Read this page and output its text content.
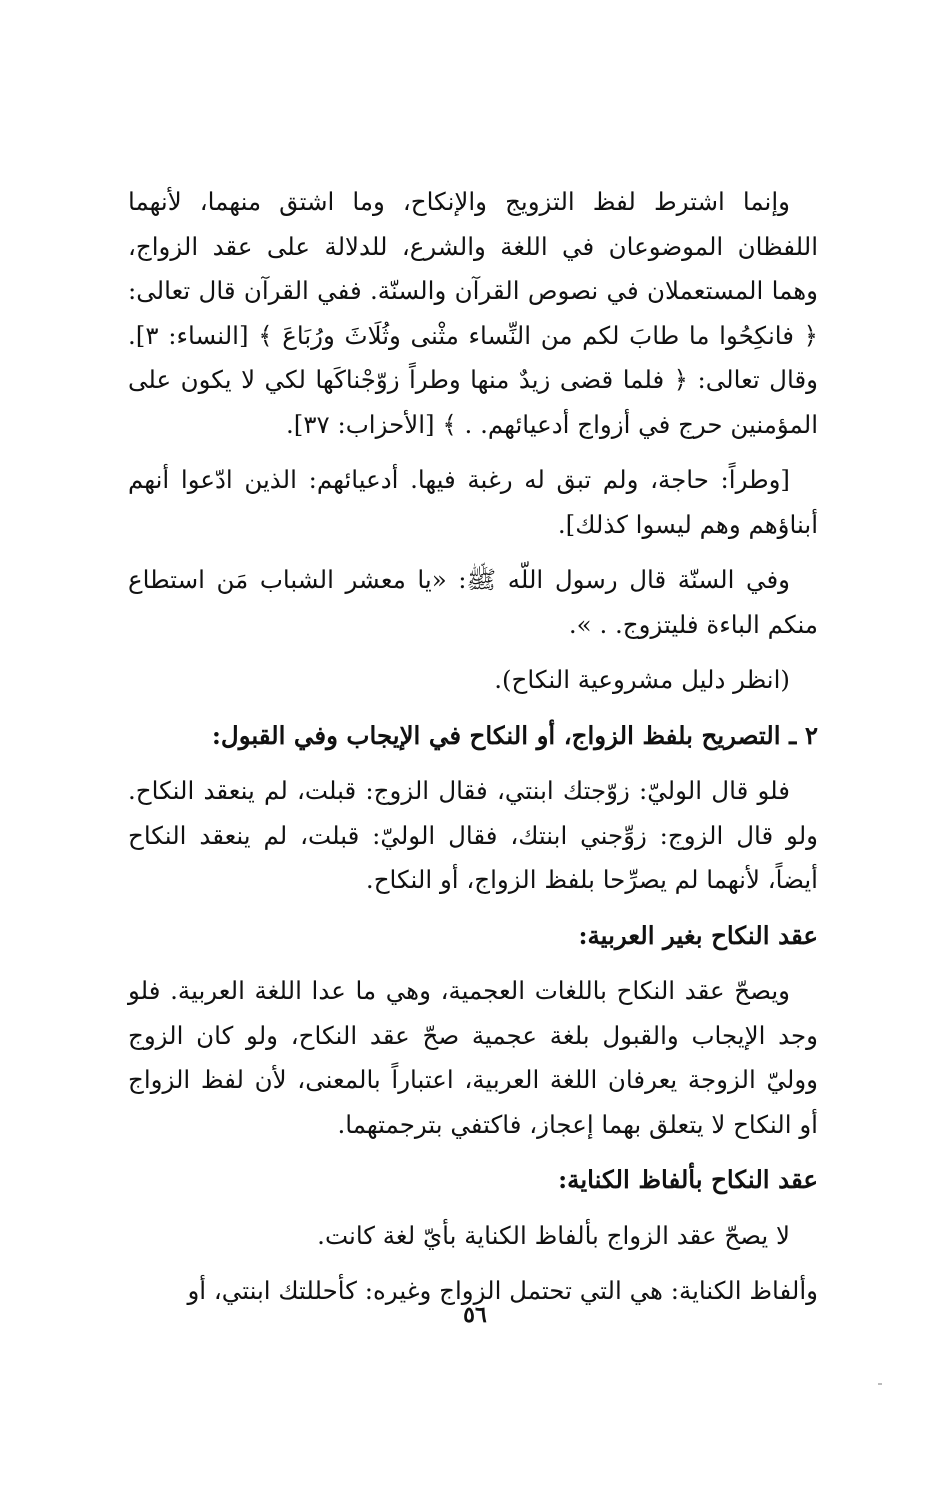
وإنما اشترط لفظ التزويج والإنكاح، وما اشتق منهما، لأنهما اللفظان الموضوعان في اللغة والشرع، للدلالة على عقد الزواج، وهما المستعملان في نصوص القرآن والسنّة. ففي القرآن قال تعالى: ﴿ فانكِحُوا ما طابَ لكم من النِّساء مثْنى وثُلَاثَ ورُبَاعَ ﴾ [النساء: ٣]. وقال تعالى: ﴿ فلما قضى زيدٌ منها وطراً زوّجْناكَها لكي لا يكون على المؤمنين حرج في أزواج أدعيائهم. . ﴾ [الأحزاب: ٣٧].

[وطراً: حاجة، ولم تبق له رغبة فيها. أدعيائهم: الذين ادّعوا أنهم أبناؤهم وهم ليسوا كذلك].

وفي السنّة قال رسول اللّه ﷺ: «يا معشر الشباب مَن استطاع منكم الباءة فليتزوج. . ».

(انظر دليل مشروعية النكاح).

٢ ـ التصريح بلفظ الزواج، أو النكاح في الإيجاب وفي القبول:

فلو قال الوليّ: زوّجتك ابنتي، فقال الزوج: قبلت، لم ينعقد النكاح. ولو قال الزوج: زوِّجني ابنتك، فقال الوليّ: قبلت، لم ينعقد النكاح أيضاً، لأنهما لم يصرِّحا بلفظ الزواج، أو النكاح.

عقد النكاح بغير العربية:

ويصحّ عقد النكاح باللغات العجمية، وهي ما عدا اللغة العربية. فلو وجد الإيجاب والقبول بلغة عجمية صحّ عقد النكاح، ولو كان الزوج ووليّ الزوجة يعرفان اللغة العربية، اعتباراً بالمعنى، لأن لفظ الزواج أو النكاح لا يتعلق بهما إعجاز، فاكتفي بترجمتهما.

عقد النكاح بألفاظ الكناية:

لا يصحّ عقد الزواج بألفاظ الكناية بأيّ لغة كانت.

وألفاظ الكناية: هي التي تحتمل الزواج وغيره: كأحللتك ابنتي، أو

٥٦
